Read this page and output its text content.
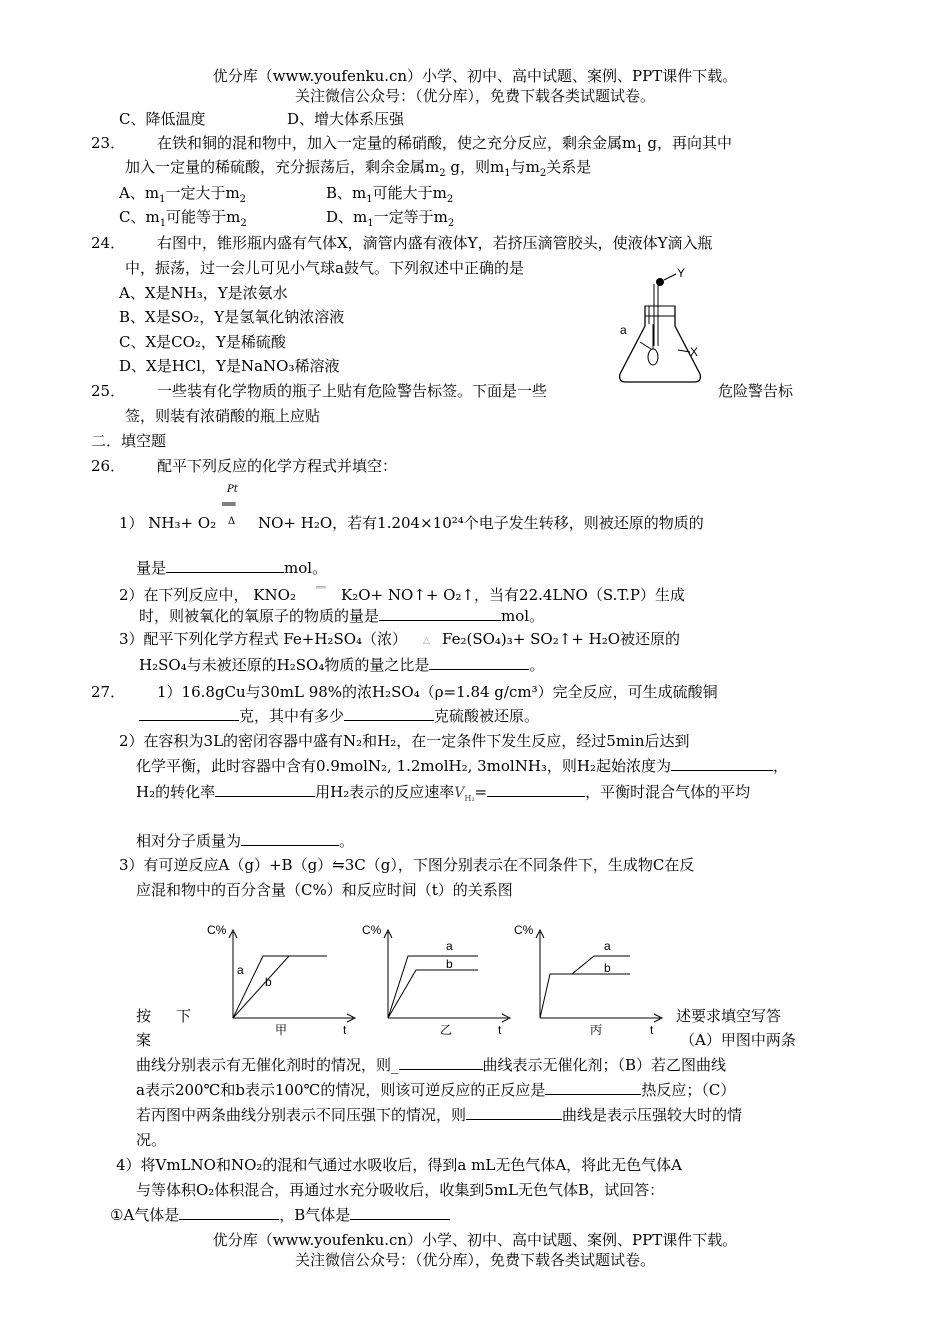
优分库（www.youfenku.cn）小学、初中、高中试题、案例、PPT课件下载。
关注微信公众号：（优分库），免费下载各类试题试卷。
C、降低温度	D、增大体系压强
23． 在铁和铜的混和物中，加入一定量的稀硝酸，使之充分反应，剩余金属$m_1$ g，再向其中
加入一定量的稀硫酸，充分振荡后，剩余金属$m_2$ g，则$m_1$与$m_2$关系是
A、$m_1$一定大于$m_2$	B、$m_1$可能大于$m_2$
C、$m_1$可能等于$m_2$	D、$m_1$一定等于$m_2$
24． 右图中，锥形瓶内盛有气体X，滴管内盛有液体Y，若挤压滴管胶头，使液体Y滴入瓶
中，振荡，过一会儿可见小气球a鼓气。下列叙述中正确的是
A、X是NH₃，Y是浓氨水
B、X是SO₂，Y是氢氧化钠浓溶液
C、X是CO₂，Y是稀硫酸
D、X是HCl，Y是NaNO₃稀溶液
Y
a
X
25． 一些装有化学物质的瓶子上贴有危险警告标签。下面是一些	危险警告标
签，则装有浓硝酸的瓶上应贴
二．填空题
26． 配平下列反应的化学方程式并填空：
Pt
══
Δ
1） NH₃+ O₂	NO+ H₂O，若有1.204×10²⁴个电子发生转移，则被还原的物质的
量是	mol。
2）在下列反应中， KNO₂	══ K₂O+ NO↑+ O₂↑，当有22.4LNO（S.T.P）生成
时，则被氧化的氧原子的物质的量是	mol。
3）配平下列化学方程式 Fe+H₂SO₄（浓） △ Fe₂(SO₄)₃+ SO₂↑+ H₂O被还原的
H₂SO₄与未被还原的H₂SO₄物质的量之比是	。
27． 1）16.8gCu与30mL 98%的浓H₂SO₄（ρ=1.84 g/cm³）完全反应，可生成硫酸铜
克，其中有多少	克硫酸被还原。
2）在容积为3L的密闭容器中盛有N₂和H₂，在一定条件下发生反应，经过5min后达到
化学平衡，此时容器中含有0.9molN₂, 1.2molH₂, 3molNH₃，则H₂起始浓度为	，
H₂的转化率	用H₂表示的反应速率$V_{H_2}=$	，平衡时混合气体的平均
相对分子质量为	。
3）有可逆反应A（g）+B（g）⇋3C（g），下图分别表示在不同条件下，生成物C在反
应混和物中的百分含量（C%）和反应时间（t）的关系图
C%
a
b
t
甲
C%
a
b
t
乙
C%
a
b
t
丙
按 下	述要求填空写答
案	（A）甲图中两条
曲线分别表示有无催化剂时的情况，则_	曲线表示无催化剂；（B）若乙图曲线
a表示200℃和b表示100℃的情况，则该可逆反应的正反应是	热反应；（C）
若丙图中两条曲线分别表示不同压强下的情况，则	曲线是表示压强较大时的情
况。
4）将VmLNO和NO₂的混和气通过水吸收后，得到a mL无色气体A，将此无色气体A
与等体积O₂体积混合，再通过水充分吸收后，收集到5mL无色气体B，试回答：
①A气体是	，B气体是
优分库（www.youfenku.cn）小学、初中、高中试题、案例、PPT课件下载。
关注微信公众号：（优分库），免费下载各类试题试卷。
